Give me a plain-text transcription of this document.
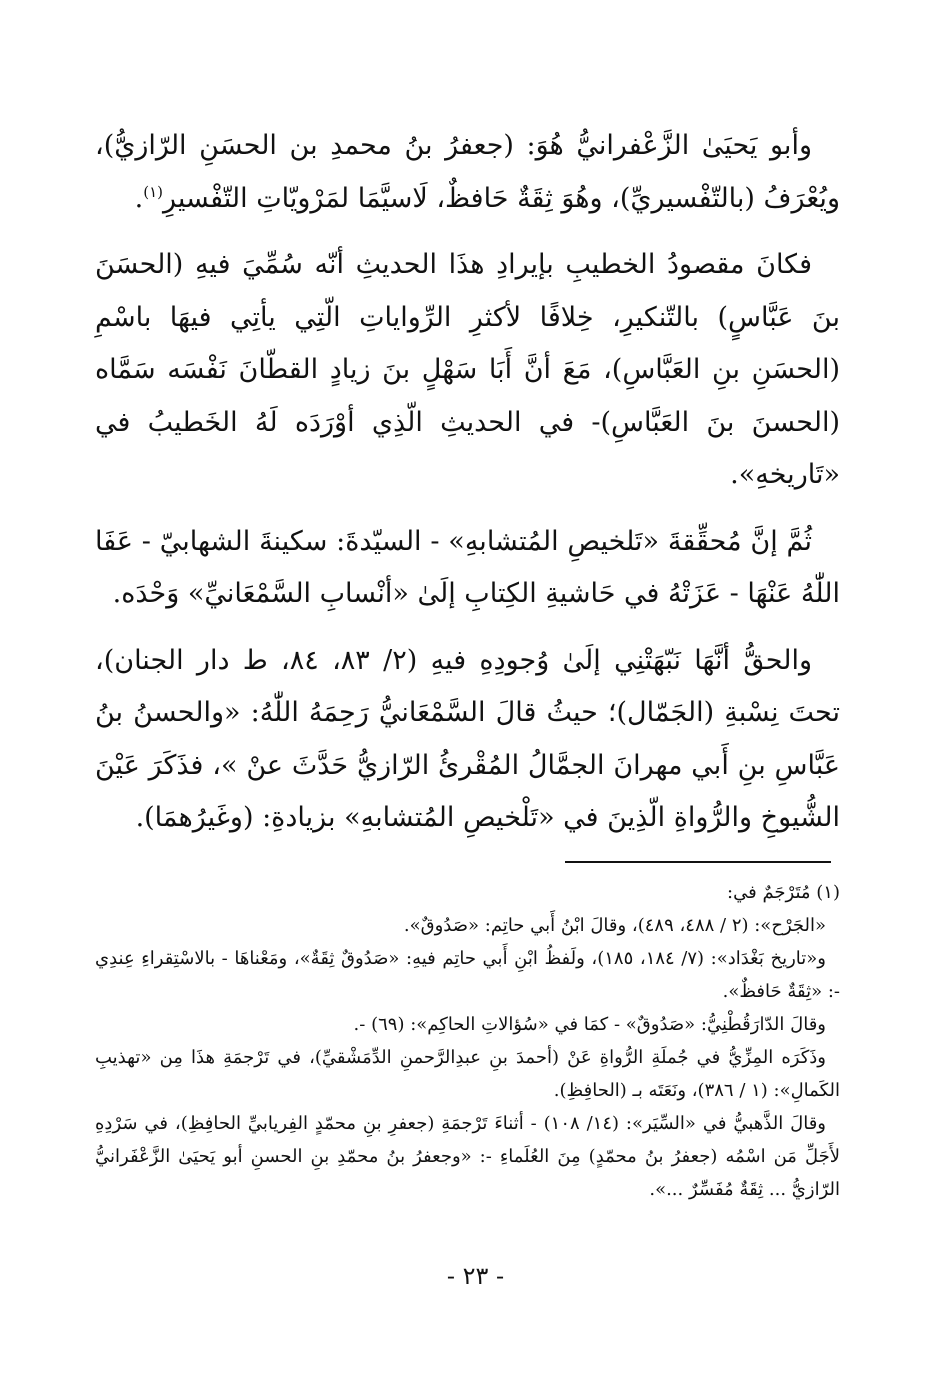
وأبو يَحيَىٰ الزَّعْفرانيُّ هُوَ: (جعفرُ بنُ محمدِ بن الحسَنِ الرّازيُّ)، ويُعْرَفُ (بالتّفْسيريِّ)، وهُوَ ثِقَةٌ حَافظٌ، لَاسيَّمَا لمَرْويّاتِ التّفْسيرِ$^{(١)}$.

فكانَ مقصودُ الخطيبِ بإيرادِ هذَا الحديثِ أنّه سُمِّيَ فيهِ (الحسَنَ بنَ عَبَّاسٍ) بالتّنكيرِ، خِلافًا لأكثرِ الرِّواياتِ الّتِي يأتِي فيهَا باسْمِ (الحسَنِ بنِ العَبَّاسِ)، مَعَ أنَّ أَبَا سَهْلٍ بنَ زيادٍ القطّانَ نَفْسَه سَمَّاه (الحسنَ بنَ العَبَّاسِ)- في الحديثِ الّذِي أوْرَدَه لَهُ الخَطيبُ في «تَاريخهِ».

ثُمَّ إنَّ مُحقِّقةَ «تَلخيصِ المُتشابهِ» - السيّدةَ: سكينةَ الشهابيّ - عَفَا اللّٰهُ عَنْهَا - عَزَتْهُ في حَاشيةِ الكِتابِ إلَىٰ «أنْسابِ السَّمْعَانيِّ» وَحْدَه.

والحقُّ أنَّهَا نَبّهَتْنِي إلَىٰ وُجودِهِ فيهِ (٢/ ٨٣، ٨٤، ط دار الجنان)، تحتَ نِسْبةِ (الجَمّال)؛ حيثُ قالَ السَّمْعَانيُّ رَحِمَهُ اللّٰهُ: «والحسنُ بنُ عَبَّاسِ بنِ أَبي مهرانَ الجمَّالُ المُقْرئُ الرّازيُّ حَدَّثَ عنْ »، فذَكَرَ عَيْنَ الشُّيوخِ والرُّواةِ الّذِينَ في «تَلْخيصِ المُتشابهِ» بزيادةِ: (وغَيرُهمَا).

(١) مُتَرْجَمٌ في:

«الجَرْح»: (٢ / ٤٨٨، ٤٨٩)، وقالَ ابْنُ أَبي حاتِم: «صَدُوقٌ».

و«تاريخ بَغْدَاد»: (٧/ ١٨٤، ١٨٥)، ولَفظُ ابْنِ أَبي حاتِم فيهِ: «صَدُوقٌ ثِقَةٌ»، ومَعْناهَا - بالاسْتِقراءِ عِندِي -: «ثِقَةٌ حَافظٌ».

وقالَ الدّارَقُطْنِيُّ: «صَدُوقٌ» - كمَا في «سُؤالاتِ الحاكِم»: (٦٩) -.

وذَكَرَه المِزِّيُّ في جُملَةِ الرُّواةِ عَنْ (أحمدَ بنِ عبدِالرَّحمنِ الدِّمَشْقيِّ)، في تَرْجمَةِ هذَا مِن «تهذيبِ الكَمالِ»: (١ / ٣٨٦)، ونَعَتَه بـ (الحافِظِ).

وقالَ الذَّهبيُّ في «السِّيَر»: (١٤/ ١٠٨) - أثناءَ تَرْجمَةِ (جعفرِ بنِ محمّدٍ الفِريابيِّ الحافِظِ)، في سَرْدِهِ لأَجَلِّ مَن اسْمُه (جعفرُ بنُ محمّدٍ) مِنَ العُلَماءِ -: «وجعفرُ بنُ محمّدِ بنِ الحسنِ أبو يَحيَىٰ الزَّعْفَرانيُّ الرّازيُّ ... ثِقَةٌ مُفَسِّرٌ ...».

- ٢٣ -
